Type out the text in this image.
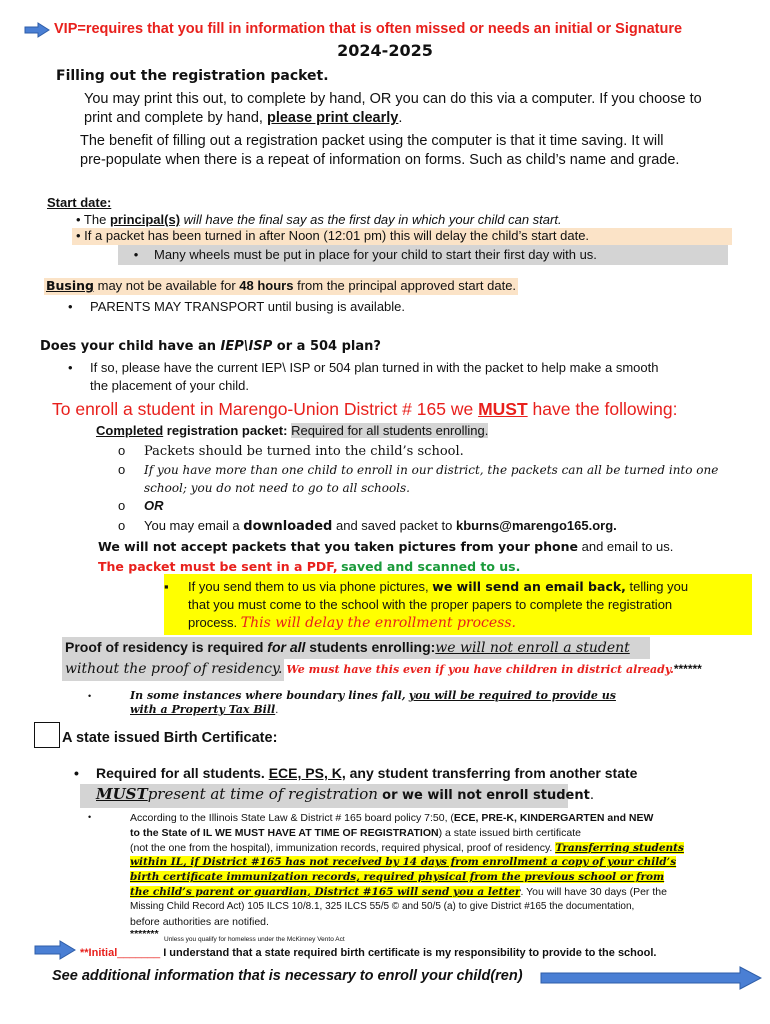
VIP=requires that you fill in information that is often missed or needs an initial or Signature
2024-2025
Filling out the registration packet.
You may print this out, to complete by hand, OR you can do this via a computer. If you choose to
print and complete by hand, please print clearly.
The benefit of filling out a registration packet using the computer is that it time saving. It will
pre-populate when there is a repeat of information on forms. Such as child’s name and grade.
Start date:
• The principal(s) will have the final say as the first day in which your child can start.
• If a packet has been turned in after Noon (12:01 pm) this will delay the child’s start date.
• Many wheels must be put in place for your child to start their first day with us.
Busing may not be available for 48 hours from the principal approved start date.
• PARENTS MAY TRANSPORT until busing is available.
Does your child have an IEP\ISP or a 504 plan?
• If so, please have the current IEP\ ISP or 504 plan turned in with the packet to help make a smooth
the placement of your child.
To enroll a student in Marengo-Union District # 165 we MUST have the following:
Completed registration packet: Required for all students enrolling.
o Packets should be turned into the child’s school.
o If you have more than one child to enroll in our district, the packets can all be turned into one
school; you do not need to go to all schools.
o OR
o You may email a downloaded and saved packet to kburns@marengo165.org.
We will not accept packets that you taken pictures from your phone and email to us.
The packet must be sent in a PDF, saved and scanned to us.
▪ If you send them to us via phone pictures, we will send an email back, telling you
that you must come to the school with the proper papers to complete the registration
process. This will delay the enrollment process.
Proof of residency is required for all students enrolling:we will not enroll a student
without the proof of residency. We must have this even if you have children in district already.******
•	In some instances where boundary lines fall, you will be required to provide us
with a Property Tax Bill.
A state issued Birth Certificate:
• Required for all students. ECE, PS, K, any student transferring from another state
MUSTpresent at time of registration or we will not enroll student.
•	According to the Illinois State Law & District # 165 board policy 7:50, (ECE, PRE-K, KINDERGARTEN and NEW
to the State of IL WE MUST HAVE AT TIME OF REGISTRATION) a state issued birth certificate
(not the one from the hospital), immunization records, required physical, proof of residency. Transferring students
within IL, if District #165 has not received by 14 days from enrollment a copy of your child’s
birth certificate immunization records, required physical from the previous school or from
the child’s parent or guardian, District #165 will send you a letter. You will have 30 days (Per the
Missing Child Record Act) 105 ILCS 10/8.1, 325 ILCS 55/5 © and 50/5 (a) to give District #165 the documentation,
before authorities are notified.
******* Unless you qualify for homeless under the McKinney Vento Act
**Initial_______ I understand that a state required birth certificate is my responsibility to provide to the school.
See additional information that is necessary to enroll your child(ren)
